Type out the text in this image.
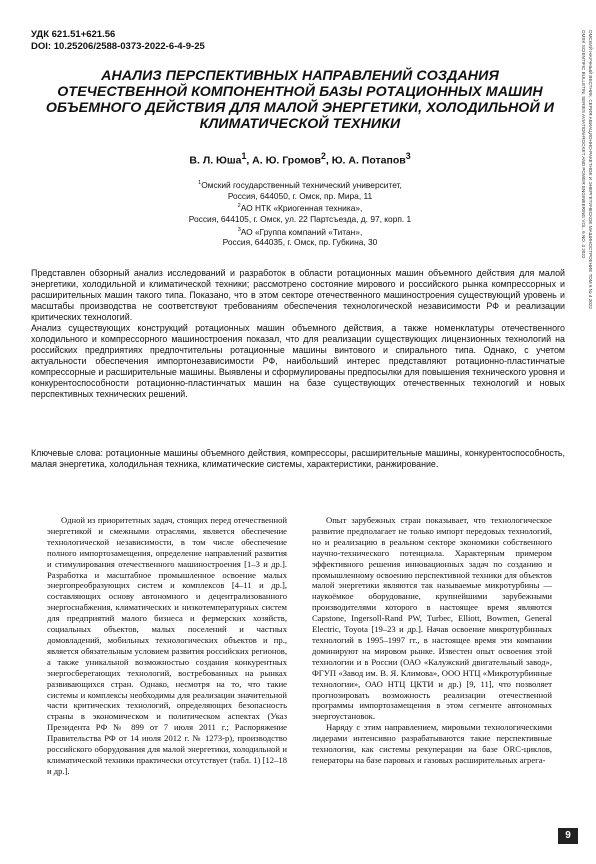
УДК 621.51+621.56
DOI: 10.25206/2588-0373-2022-6-4-9-25	ОМСКИЙ НАУЧНЫЙ ВЕСТНИК. СЕРИЯ АВИАЦИОННО-РАКЕТНОЕ И ЭНЕРГЕТИЧЕСКОЕ МАШИНОСТРОЕНИЕ ТОМ 6 № 4 2022
OMSK SCIENTIFIC BULLETIN. SERIES AVIATION-ROCKET AND POWER ENGINEERING VOL. 6 NO. 4 2022
АНАЛИЗ ПЕРСПЕКТИВНЫХ НАПРАВЛЕНИЙ СОЗДАНИЯ ОТЕЧЕСТВЕННОЙ КОМПОНЕНТНОЙ БАЗЫ РОТАЦИОННЫХ МАШИН ОБЪЕМНОГО ДЕЙСТВИЯ ДЛЯ МАЛОЙ ЭНЕРГЕТИКИ, ХОЛОДИЛЬНОЙ И КЛИМАТИЧЕСКОЙ ТЕХНИКИ
В. Л. Юша$^1$, А. Ю. Громов$^2$, Ю. А. Потапов$^3$
$^1$Омский государственный технический университет,
Россия, 644050, г. Омск, пр. Мира, 11
$^2$АО НТК «Криогенная техника»,
Россия, 644105, г. Омск, ул. 22 Партсъезда, д. 97, корп. 1
$^3$АО «Группа компаний «Титан»,
Россия, 644035, г. Омск, пр. Губкина, 30

Представлен обзорный анализ исследований и разработок в области ротационных машин объемного действия для малой энергетики, холодильной и климатической техники; рассмотрено состояние мирового и российского рынка компрессорных и расширительных машин такого типа. Показано, что в этом секторе отечественного машиностроения существующий уровень и масштабы производства не соответствуют требованиям обеспечения технологической независимости РФ и реализации критических технологий.

Анализ существующих конструкций ротационных машин объемного действия, а также номенклатуры отечественного холодильного и компрессорного машиностроения показал, что для реализации существующих лицензионных технологий на российских предприятиях предпочтительны ротационные машины винтового и спирального типа. Однако, с учетом актуальности обеспечения импортонезависимости РФ, наибольший интерес представляют ротационно-пластинчатые компрессорные и расширительные машины. Выявлены и сформулированы предпосылки для повышения технического уровня и конкурентоспособности ротационно-пластинчатых машин на базе существующих отечественных технологий и новых перспективных технических решений.

Ключевые слова: ротационные машины объемного действия, компрессоры, расширительные машины, конкурентоспособность, малая энергетика, холодильная техника, климатические системы, характеристики, ранжирование.

Одной из приоритетных задач, стоящих перед отечественной энергетикой и смежными отраслями, является обеспечение технологической независимости, в том числе обеспечение полного импортозамещения, определение направлений развития и стимулирования отечественного машиностроения [1–3 и др.]. Разработка и масштабное промышленное освоение малых энергопреобразующих систем и комплексов [4–11 и др.], составляющих основу автономного и децентрализованного энергоснабжения, климатических и низкотемпературных систем для предприятий малого бизнеса и фермерских хозяйств, социальных объектов, малых поселений и частных домовладений, мобильных технологических объектов и пр., является обязательным условием развития российских регионов, а также уникальной возможностью создания конкурентных энергосберегающих технологий, востребованных на рынках развивающихся стран. Однако, несмотря на то, что такие системы и комплексы необходимы для реализации значительной части критических технологий, определяющих безопасность страны в экономическом и политическом аспектах (Указ Президента РФ № 899 от 7 июля 2011 г.; Распоряжение Правительства РФ от 14 июля 2012 г. № 1273-р), производство российского оборудования для малой энергетики, холодильной и климатической техники практически отсутствует (табл. 1) [12–18 и др.].

Опыт зарубежных стран показывает, что технологическое развитие предполагает не только импорт передовых технологий, но и реализацию в реальном секторе экономики собственного научно-технического потенциала. Характерным примером эффективного решения инновационных задач по созданию и промышленному освоению перспективной техники для объектов малой энергетики являются так называемые микротурбины — наукоёмкое оборудование, крупнейшими зарубежными производителями которого в настоящее время являются Capstone, Ingersoll-Rand PW, Turbec, Elliott, Bowmen, General Electric, Toyota [19–23 и др.]. Начав освоение микротурбинных технологий в 1995–1997 гг., в настоящее время эти компании доминируют на мировом рынке. Известен опыт освоения этой технологии и в России (ОАО «Калужский двигательный завод», ФГУП «Завод им. В. Я. Климова», ООО НТЦ «Микротурбинные технологии», ОАО НТЦ ЦКТИ и др.) [9, 11], что позволяет прогнозировать возможность реализации отечественной программы импортозамещения в этом сегменте автономных энергоустановок.

Наряду с этим направлением, мировыми технологическими лидерами интенсивно разрабатываются такие перспективные технологии, как системы рекуперации на базе ORC-циклов, генераторы на базе паровых и газовых расширительных агрега-

9
